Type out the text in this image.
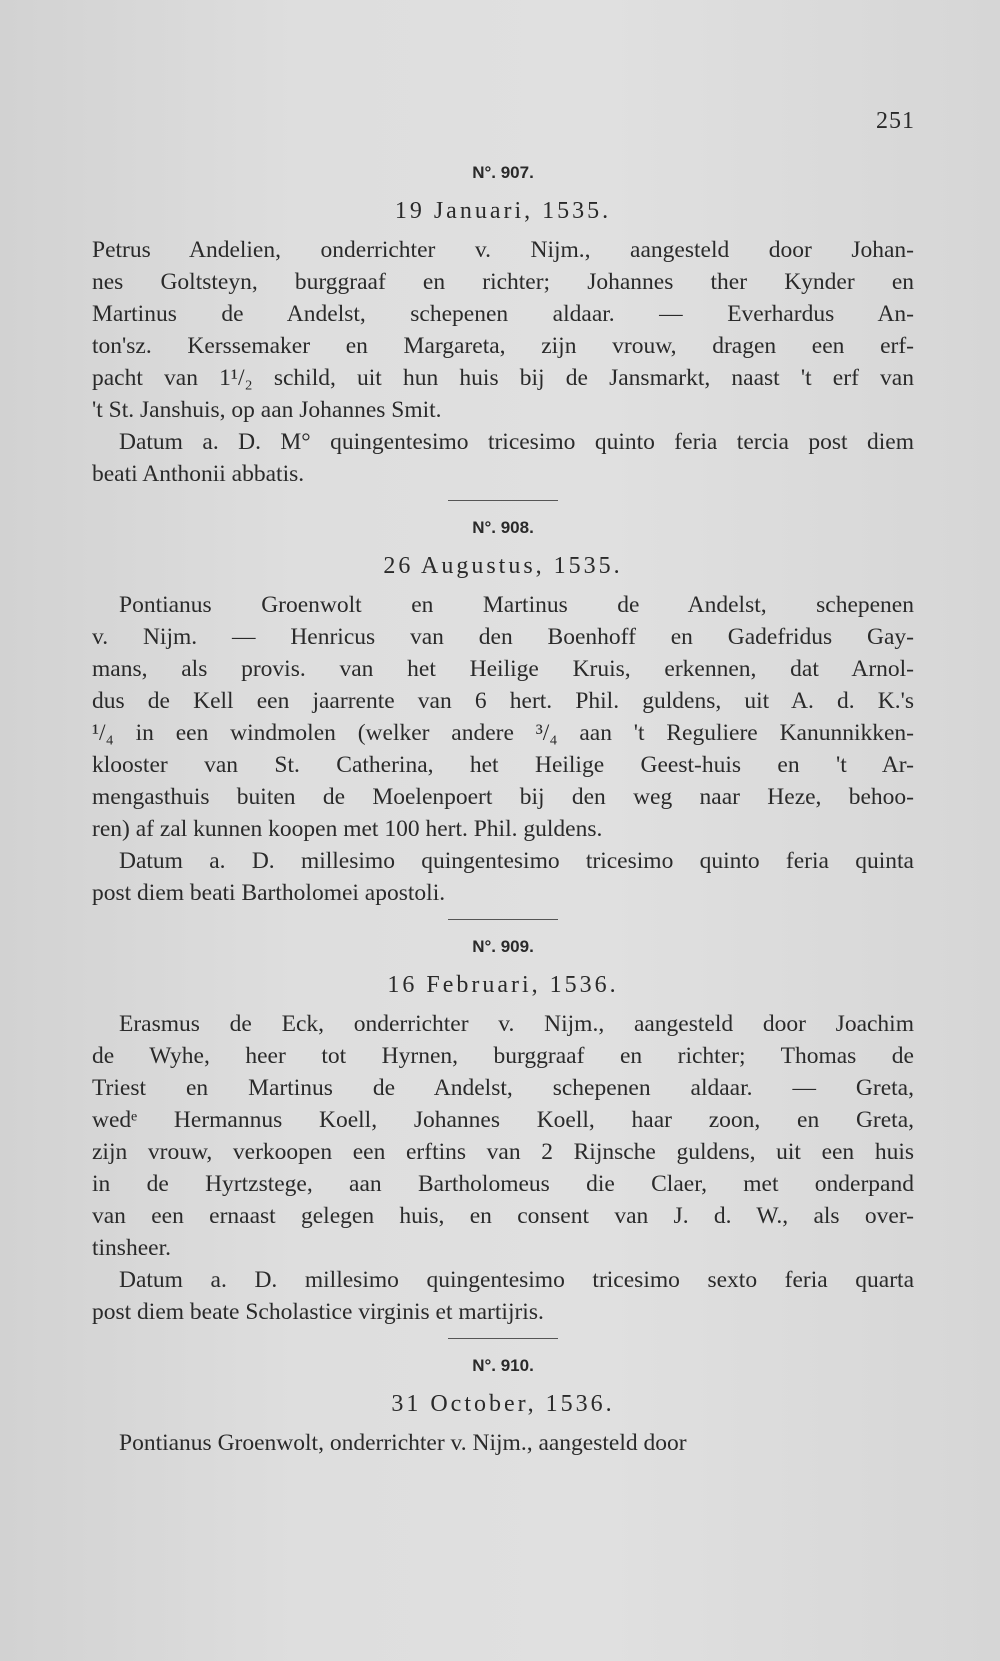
251
N°. 907.
19 Januari, 1535.
Petrus Andelien, onderrichter v. Nijm., aangesteld door Johan-
nes Goltsteyn, burggraaf en richter; Johannes ther Kynder en
Martinus de Andelst, schepenen aldaar. — Everhardus An-
ton'sz. Kerssemaker en Margareta, zijn vrouw, dragen een erf-
pacht van 1¹/₂ schild, uit hun huis bij de Jansmarkt, naast 't erf van
't St. Janshuis, op aan Johannes Smit.
Datum a. D. M° quingentesimo tricesimo quinto feria tercia post diem
beati Anthonii abbatis.
N°. 908.
26 Augustus, 1535.
Pontianus Groenwolt en Martinus de Andelst, schepenen
v. Nijm. — Henricus van den Boenhoff en Gadefridus Gay-
mans, als provis. van het Heilige Kruis, erkennen, dat Arnol-
dus de Kell een jaarrente van 6 hert. Phil. guldens, uit A. d. K.'s
¹/₄ in een windmolen (welker andere ³/₄ aan 't Reguliere Kanunnikken-
klooster van St. Catherina, het Heilige Geest-huis en 't Ar-
mengasthuis buiten de Moelenpoert bij den weg naar Heze, behoo-
ren) af zal kunnen koopen met 100 hert. Phil. guldens.
Datum a. D. millesimo quingentesimo tricesimo quinto feria quinta
post diem beati Bartholomei apostoli.
N°. 909.
16 Februari, 1536.
Erasmus de Eck, onderrichter v. Nijm., aangesteld door Joachim
de Wyhe, heer tot Hyrnen, burggraaf en richter; Thomas de
Triest en Martinus de Andelst, schepenen aldaar. — Greta,
wedᵉ Hermannus Koell, Johannes Koell, haar zoon, en Greta,
zijn vrouw, verkoopen een erftins van 2 Rijnsche guldens, uit een huis
in de Hyrtzstege, aan Bartholomeus die Claer, met onderpand
van een ernaast gelegen huis, en consent van J. d. W., als over-
tinsheer.
Datum a. D. millesimo quingentesimo tricesimo sexto feria quarta
post diem beate Scholastice virginis et martijris.
N°. 910.
31 October, 1536.
Pontianus Groenwolt, onderrichter v. Nijm., aangesteld door
